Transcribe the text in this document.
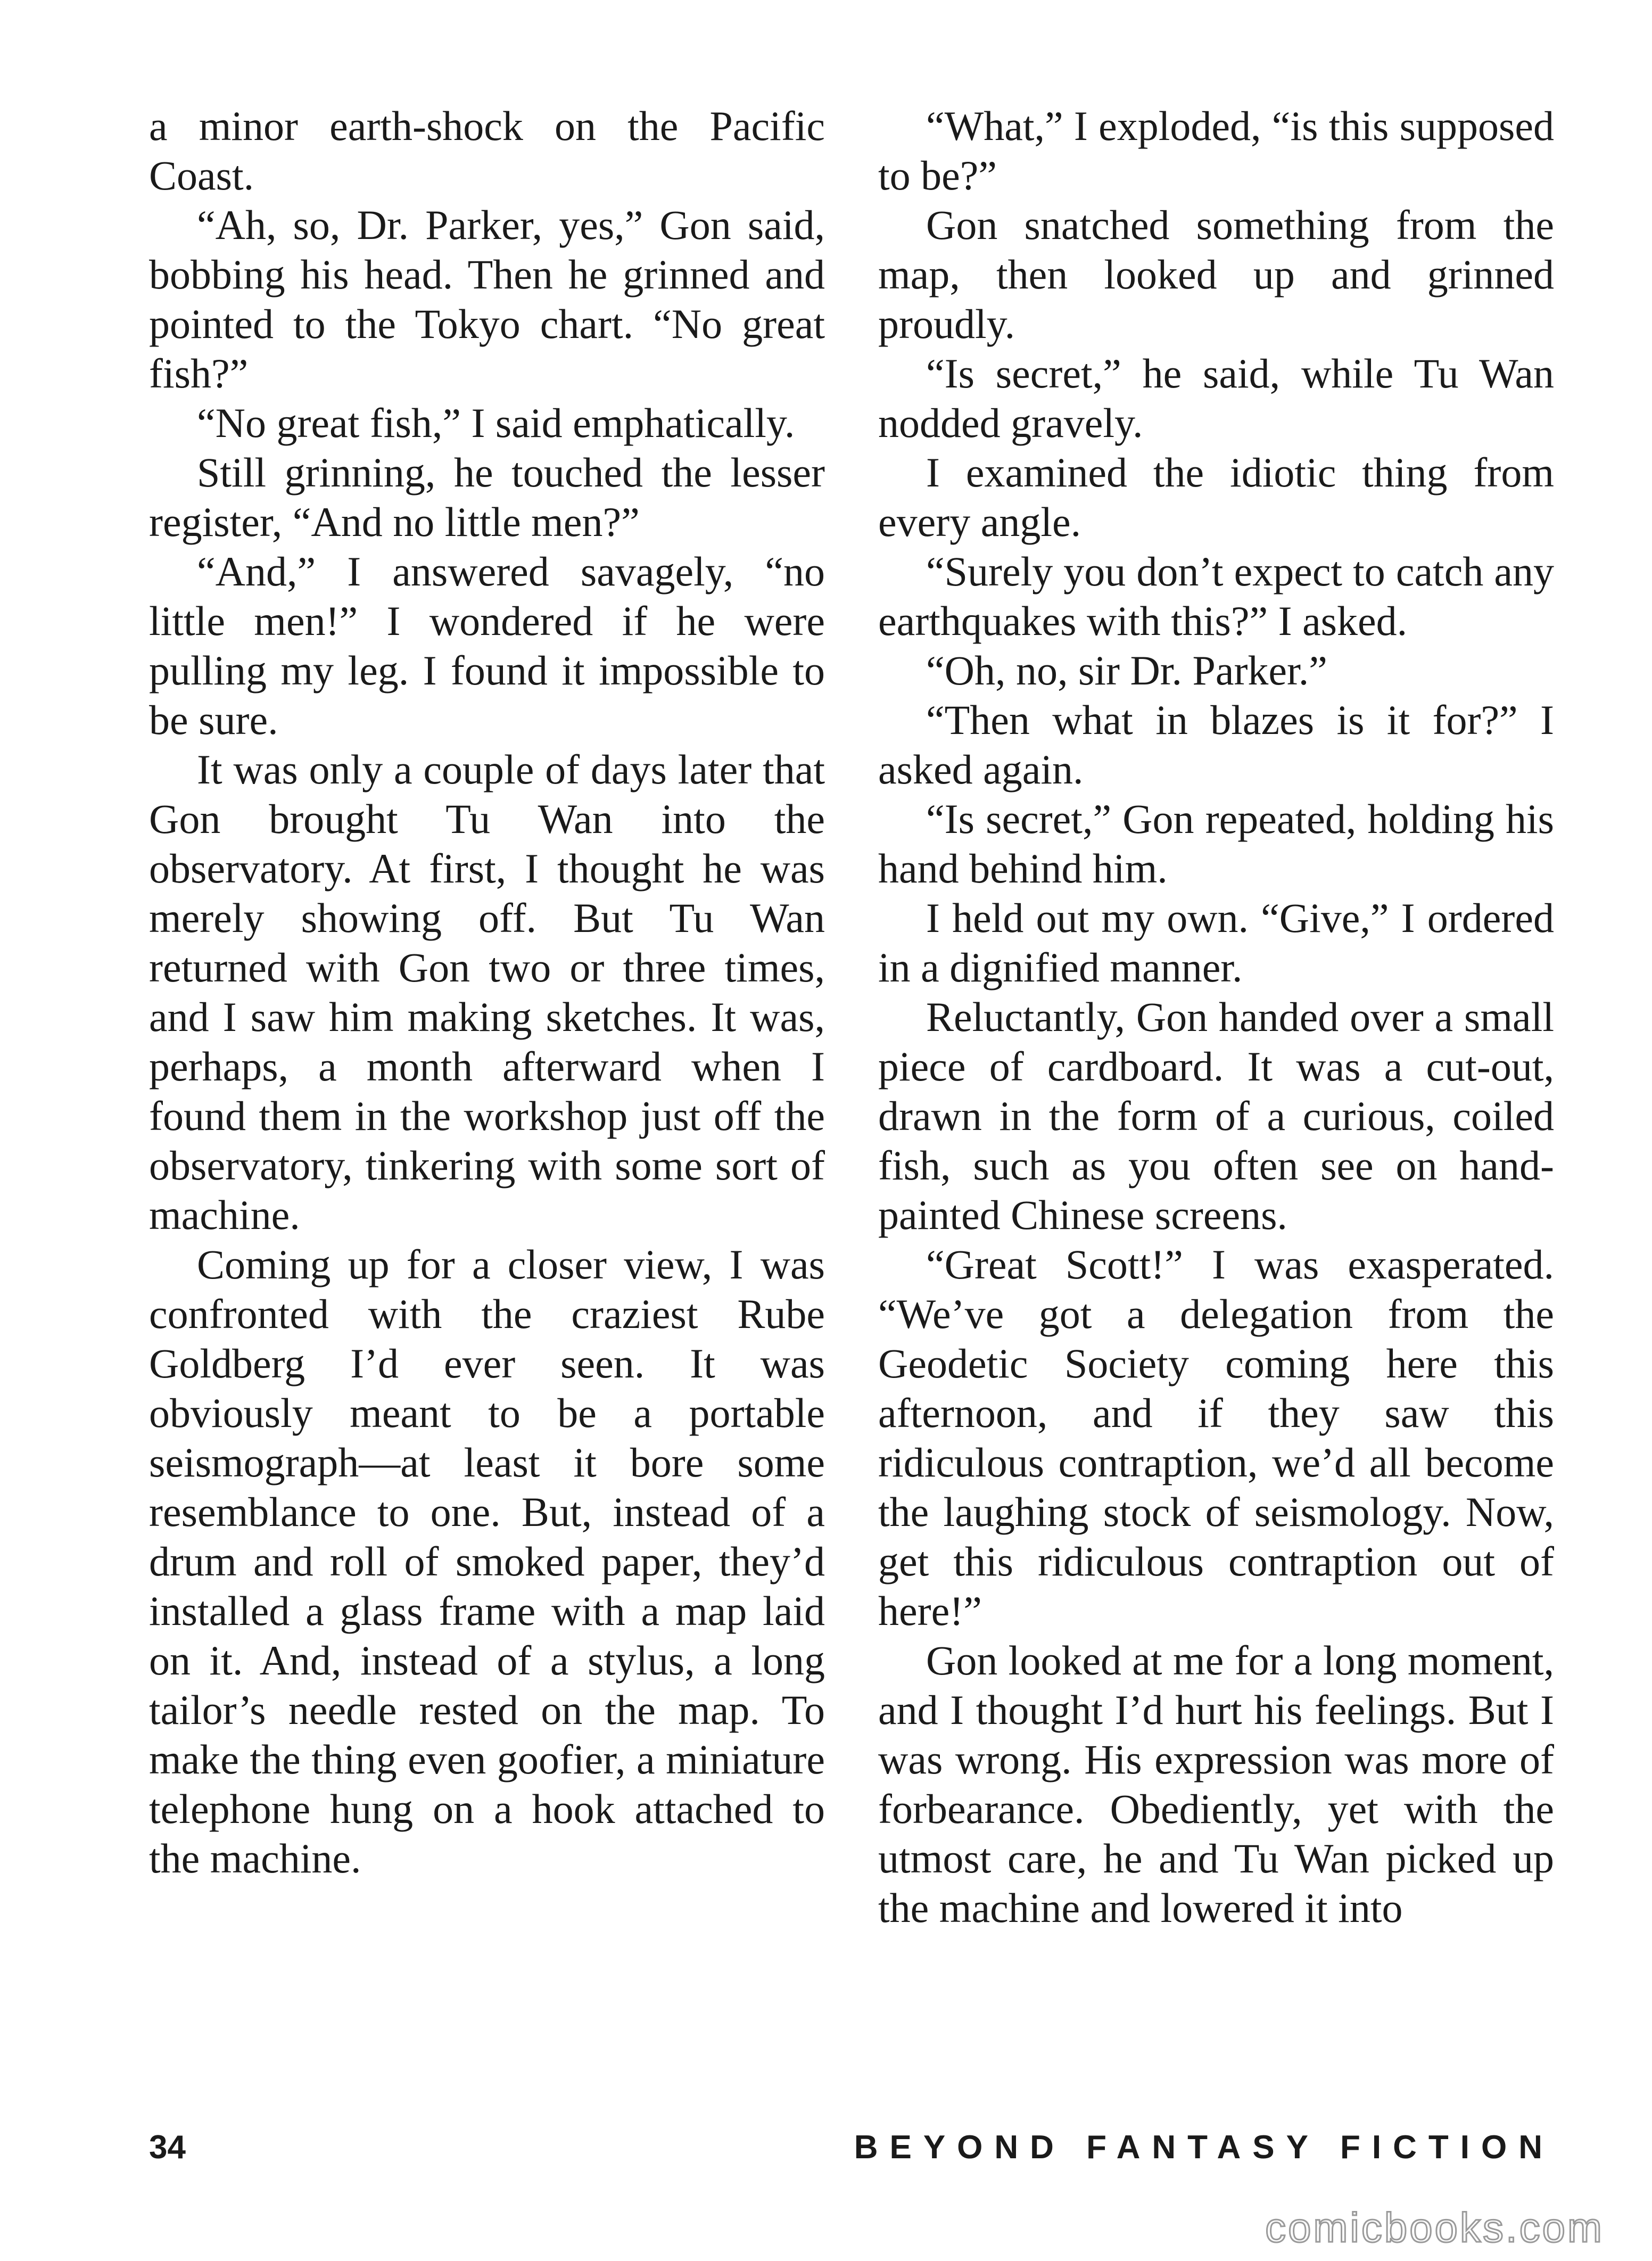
a minor earth-shock on the Pacific Coast.

“Ah, so, Dr. Parker, yes,” Gon said, bobbing his head. Then he grinned and pointed to the Tokyo chart. “No great fish?”

“No great fish,” I said emphatically.

Still grinning, he touched the lesser register, “And no little men?”

“And,” I answered savagely, “no little men!” I wondered if he were pulling my leg. I found it impossible to be sure.

It was only a couple of days later that Gon brought Tu Wan into the observatory. At first, I thought he was merely showing off. But Tu Wan returned with Gon two or three times, and I saw him making sketches. It was, perhaps, a month afterward when I found them in the workshop just off the observatory, tinkering with some sort of machine.

Coming up for a closer view, I was confronted with the craziest Rube Goldberg I’d ever seen. It was obviously meant to be a portable seismograph—at least it bore some resemblance to one. But, instead of a drum and roll of smoked paper, they’d installed a glass frame with a map laid on it. And, instead of a stylus, a long tailor’s needle rested on the map. To make the thing even goofier, a miniature telephone hung on a hook attached to the machine.

“What,” I exploded, “is this supposed to be?”

Gon snatched something from the map, then looked up and grinned proudly.

“Is secret,” he said, while Tu Wan nodded gravely.

I examined the idiotic thing from every angle.

“Surely you don’t expect to catch any earthquakes with this?” I asked.

“Oh, no, sir Dr. Parker.”

“Then what in blazes is it for?” I asked again.

“Is secret,” Gon repeated, holding his hand behind him.

I held out my own. “Give,” I ordered in a dignified manner.

Reluctantly, Gon handed over a small piece of cardboard. It was a cut-out, drawn in the form of a curious, coiled fish, such as you often see on hand-painted Chinese screens.

“Great Scott!” I was exasperated. “We’ve got a delegation from the Geodetic Society coming here this afternoon, and if they saw this ridiculous contraption, we’d all become the laughing stock of seismology. Now, get this ridiculous contraption out of here!”

Gon looked at me for a long moment, and I thought I’d hurt his feelings. But I was wrong. His expression was more of forbearance. Obediently, yet with the utmost care, he and Tu Wan picked up the machine and lowered it into

34	BEYOND FANTASY FICTION
comicbooks.com
